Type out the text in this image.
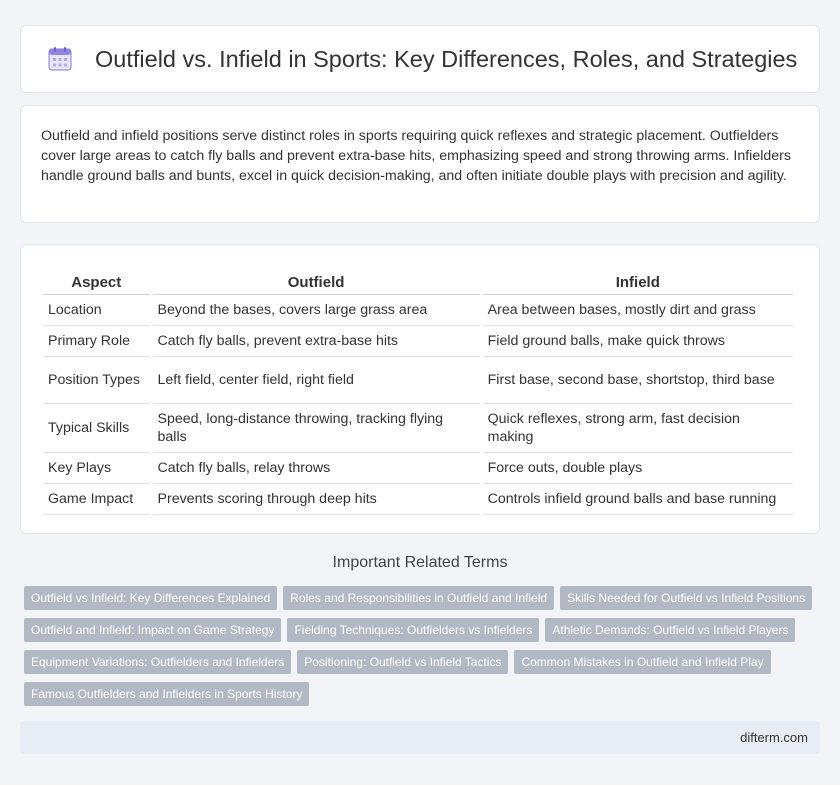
Outfield vs. Infield in Sports: Key Differences, Roles, and Strategies

Outfield and infield positions serve distinct roles in sports requiring quick reflexes and strategic placement. Outfielders cover large areas to catch fly balls and prevent extra-base hits, emphasizing speed and strong throwing arms. Infielders handle ground balls and bunts, excel in quick decision-making, and often initiate double plays with precision and agility.

Aspect	Outfield	Infield
Location	Beyond the bases, covers large grass area	Area between bases, mostly dirt and grass
Primary Role	Catch fly balls, prevent extra-base hits	Field ground balls, make quick throws
Position Types	Left field, center field, right field	First base, second base, shortstop, third base
Typical Skills	Speed, long-distance throwing, tracking flying balls	Quick reflexes, strong arm, fast decision making
Key Plays	Catch fly balls, relay throws	Force outs, double plays
Game Impact	Prevents scoring through deep hits	Controls infield ground balls and base running
Important Related Terms
Outfield vs Infield: Key Differences Explained	Roles and Responsibilities in Outfield and Infield	Skills Needed for Outfield vs Infield Positions
Outfield and Infield: Impact on Game Strategy	Fielding Techniques: Outfielders vs Infielders	Athletic Demands: Outfield vs Infield Players
Equipment Variations: Outfielders and Infielders	Positioning: Outfield vs Infield Tactics	Common Mistakes in Outfield and Infield Play
Famous Outfielders and Infielders in Sports History
difterm.com
